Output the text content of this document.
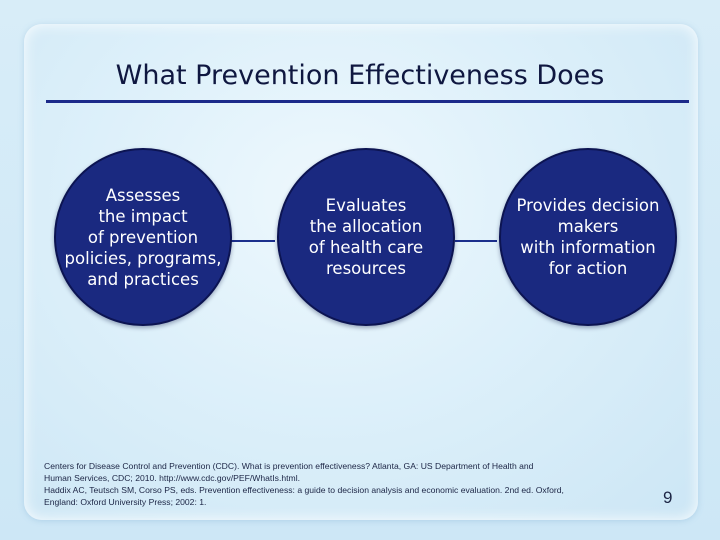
What Prevention Effectiveness Does
Assesses
the impact
of prevention
policies, programs,
and practices
Evaluates
the allocation
of health care
resources
Provides decision
makers
with information
for action
Centers for Disease Control and Prevention (CDC). What is prevention effectiveness? Atlanta, GA: US Department of Health and
Human Services, CDC; 2010. http://www.cdc.gov/PEF/WhatIs.html.
Haddix AC, Teutsch SM, Corso PS, eds. Prevention effectiveness: a guide to decision analysis and economic evaluation. 2nd ed. Oxford,
England: Oxford University Press; 2002: 1.	9
